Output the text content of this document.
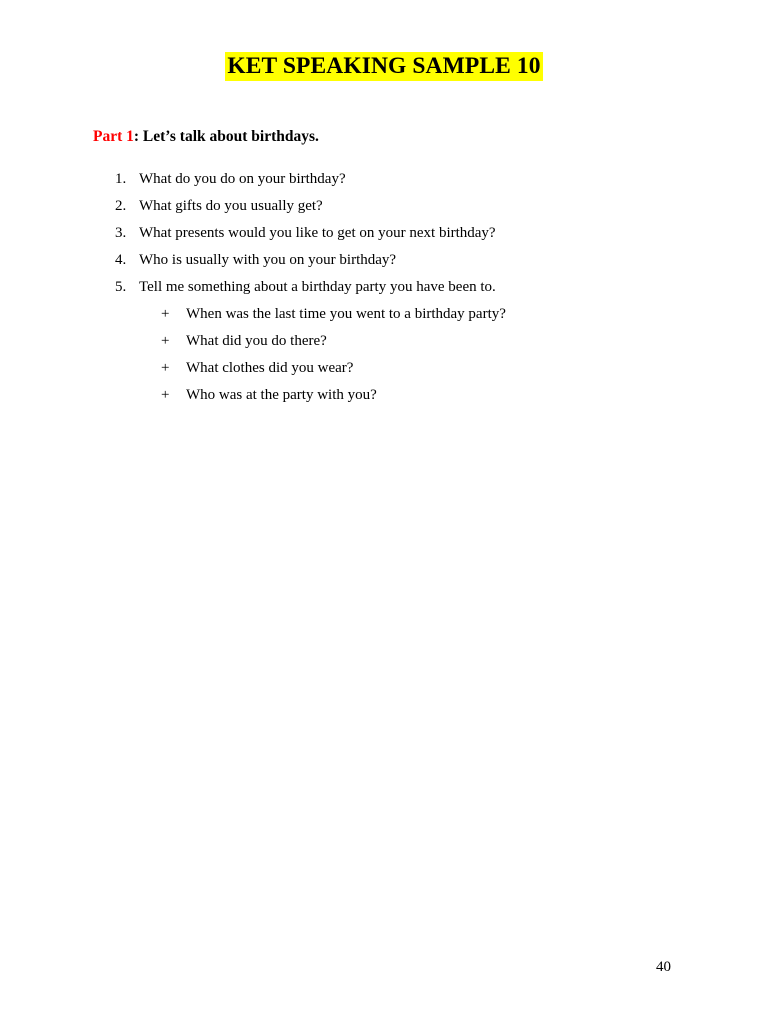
KET SPEAKING SAMPLE 10
Part 1: Let’s talk about birthdays.
1. What do you do on your birthday?
2. What gifts do you usually get?
3. What presents would you like to get on your next birthday?
4. Who is usually with you on your birthday?
5. Tell me something about a birthday party you have been to.
+ When was the last time you went to a birthday party?
+ What did you do there?
+ What clothes did you wear?
+ Who was at the party with you?
40
